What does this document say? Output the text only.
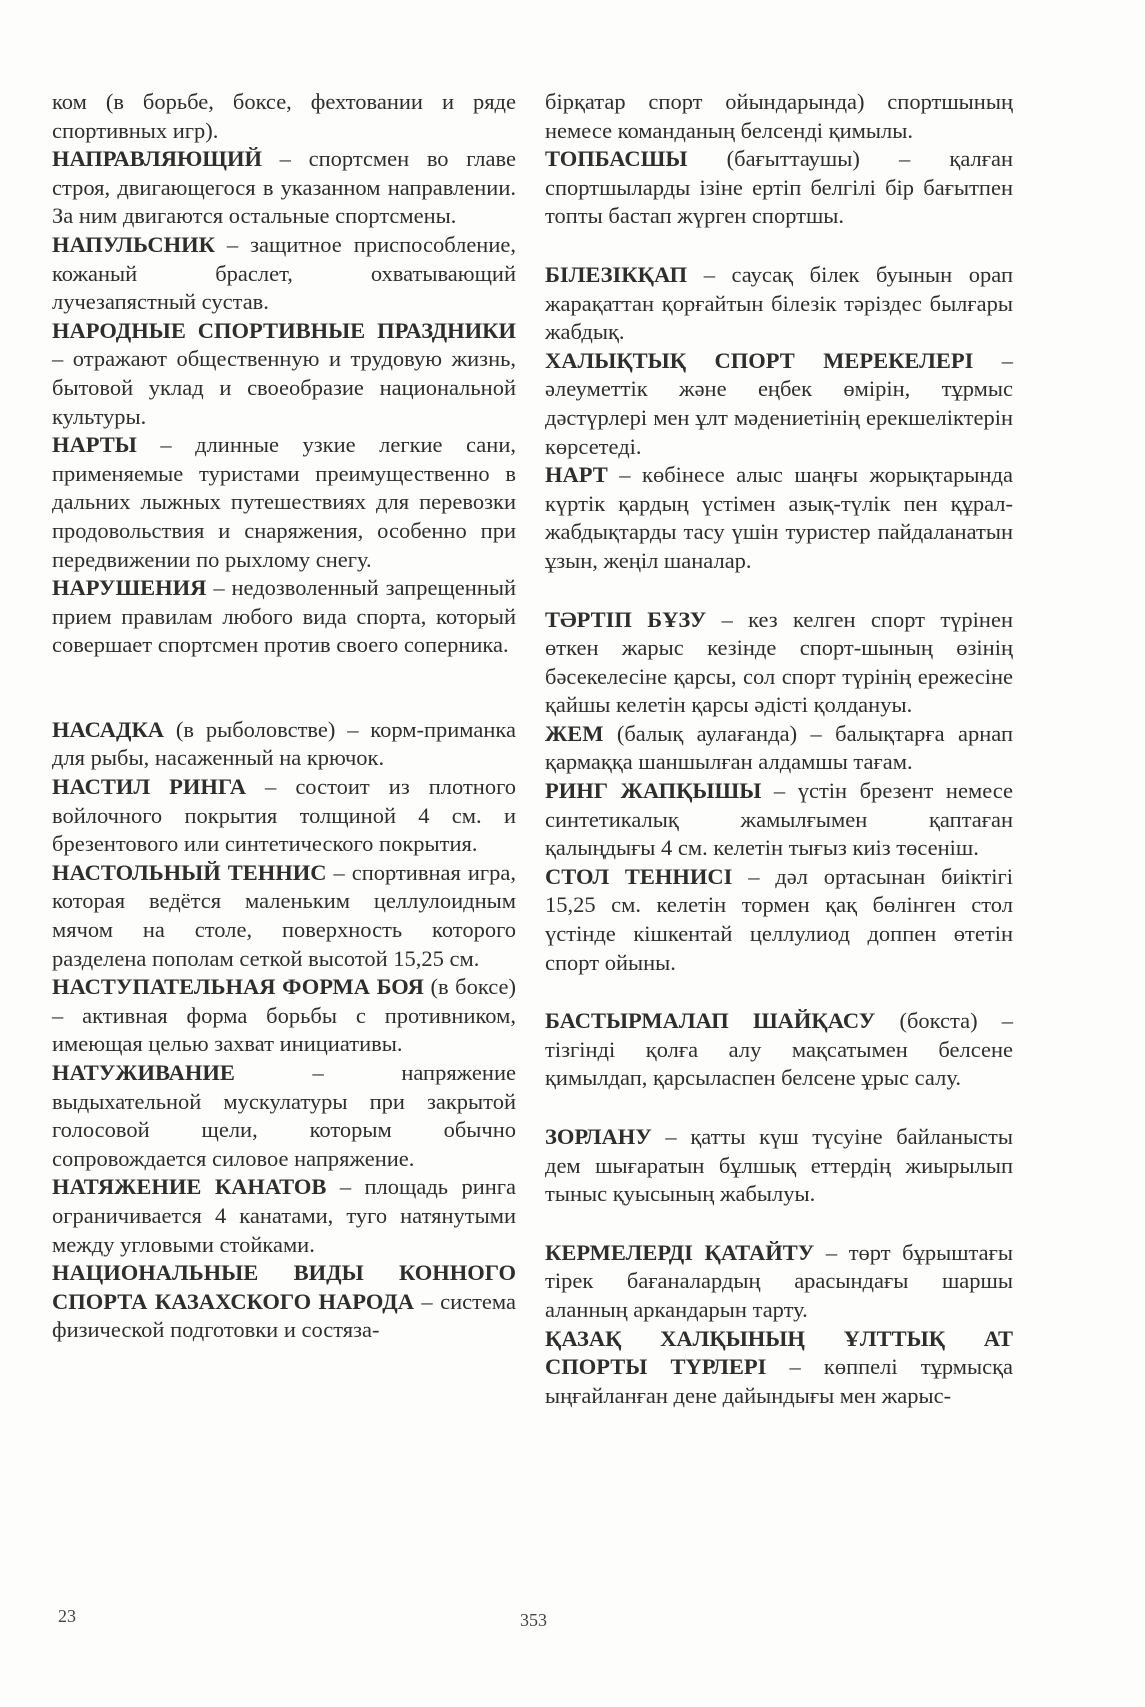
ком (в борьбе, боксе, фехтовании и ряде спортивных игр).

НАПРАВЛЯЮЩИЙ – спортсмен во главе строя, двигающегося в указанном направлении. За ним двигаются остальные спортсмены.

НАПУЛЬСНИК – защитное приспособление, кожаный браслет, охватывающий лучезапястный сустав.

НАРОДНЫЕ СПОРТИВНЫЕ ПРАЗДНИКИ – отражают общественную и трудовую жизнь, бытовой уклад и своеобразие национальной культуры.

НАРТЫ – длинные узкие легкие сани, применяемые туристами преимущественно в дальних лыжных путешествиях для перевозки продовольствия и снаряжения, особенно при передвижении по рыхлому снегу.

НАРУШЕНИЯ – недозволенный запрещенный прием правилам любого вида спорта, который совершает спортсмен против своего соперника.

НАСАДКА (в рыболовстве) – корм-приманка для рыбы, насаженный на крючок.

НАСТИЛ РИНГА – состоит из плотного войлочного покрытия толщиной 4 см. и брезентового или синтетического покрытия.

НАСТОЛЬНЫЙ ТЕННИС – спортивная игра, которая ведётся маленьким целлулоидным мячом на столе, поверхность которого разделена пополам сеткой высотой 15,25 см.

НАСТУПАТЕЛЬНАЯ ФОРМА БОЯ (в боксе) – активная форма борьбы с противником, имеющая целью захват инициативы.

НАТУЖИВАНИЕ – напряжение выдыхательной мускулатуры при закрытой голосовой щели, которым обычно сопровождается силовое напряжение.

НАТЯЖЕНИЕ КАНАТОВ – площадь ринга ограничивается 4 канатами, туго натянутыми между угловыми стойками.

НАЦИОНАЛЬНЫЕ ВИДЫ КОННОГО СПОРТА КАЗАХСКОГО НАРОДА – система физической подготовки и состяза-

бірқатар спорт ойындарында) спортшының немесе команданың белсенді қимылы.

ТОПБАСШЫ (бағыттаушы) – қалған спортшыларды ізіне ертіп белгілі бір бағытпен топты бастап жүрген спортшы.

БІЛЕЗІКҚАП – саусақ білек буынын орап жарақаттан қорғайтын білезік тәріздес былғары жабдық.

ХАЛЫҚТЫҚ СПОРТ МЕРЕКЕЛЕРІ – әлеуметтік және еңбек өмірін, тұрмыс дәстүрлері мен ұлт мәдениетінің ерекшеліктерін көрсетеді.

НАРТ – көбінесе алыс шаңғы жорықтарында күртік қардың үстімен азық-түлік пен құрал-жабдықтарды тасу үшін туристер пайдаланатын ұзын, жеңіл шаналар.

ТӘРТІП БҰЗУ – кез келген спорт түрінен өткен жарыс кезінде спорт-шының өзінің бәсекелесіне қарсы, сол спорт түрінің ережесіне қайшы келетін қарсы әдісті қолдануы.

ЖЕМ (балық аулағанда) – балықтарға арнап қармаққа шаншылған алдамшы тағам.

РИНГ ЖАПҚЫШЫ – үстін брезент немесе синтетикалық жамылғымен қаптаған қалыңдығы 4 см. келетін тығыз киіз төсеніш.

СТОЛ ТЕННИСІ – дәл ортасынан биіктігі 15,25 см. келетін тормен қақ бөлінген стол үстінде кішкентай целлулиод доппен өтетін спорт ойыны.

БАСТЫРМАЛАП ШАЙҚАСУ (бокста) – тізгінді қолға алу мақсатымен белсене қимылдап, қарсыласпен белсене ұрыс салу.

ЗОРЛАНУ – қатты күш түсуіне байланысты дем шығаратын бұлшық еттердің жиырылып тыныс қуысының жабылуы.

КЕРМЕЛЕРДІ ҚАТАЙТУ – төрт бұрыштағы тірек бағаналардың арасындағы шаршы аланның аркандарын тарту.

ҚАЗАҚ ХАЛҚЫНЫҢ ҰЛТТЫҚ АТ СПОРТЫ ТҮРЛЕРІ – көппелі тұрмысқа ыңғайланған дене дайындығы мен жарыс-

23	353
